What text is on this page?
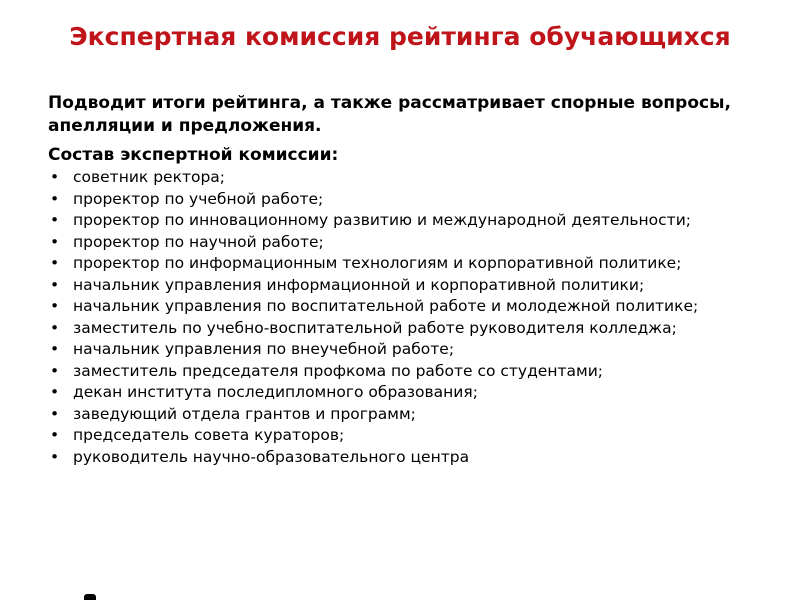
Экспертная комиссия рейтинга обучающихся

Подводит итоги рейтинга, а также рассматривает спорные вопросы, апелляции и предложения.

Состав экспертной комиссии:

• советник ректора;
• проректор по учебной работе;
• проректор по инновационному развитию и международной деятельности;
• проректор по научной работе;
• проректор по информационным технологиям и корпоративной политике;
• начальник управления информационной и корпоративной политики;
• начальник управления по воспитательной работе и молодежной политике;
• заместитель по учебно-воспитательной работе руководителя колледжа;
• начальник управления по внеучебной работе;
• заместитель председателя профкома по работе со студентами;
• декан института последипломного образования;
• заведующий отдела грантов и программ;
• председатель совета кураторов;
• руководитель научно-образовательного центра
